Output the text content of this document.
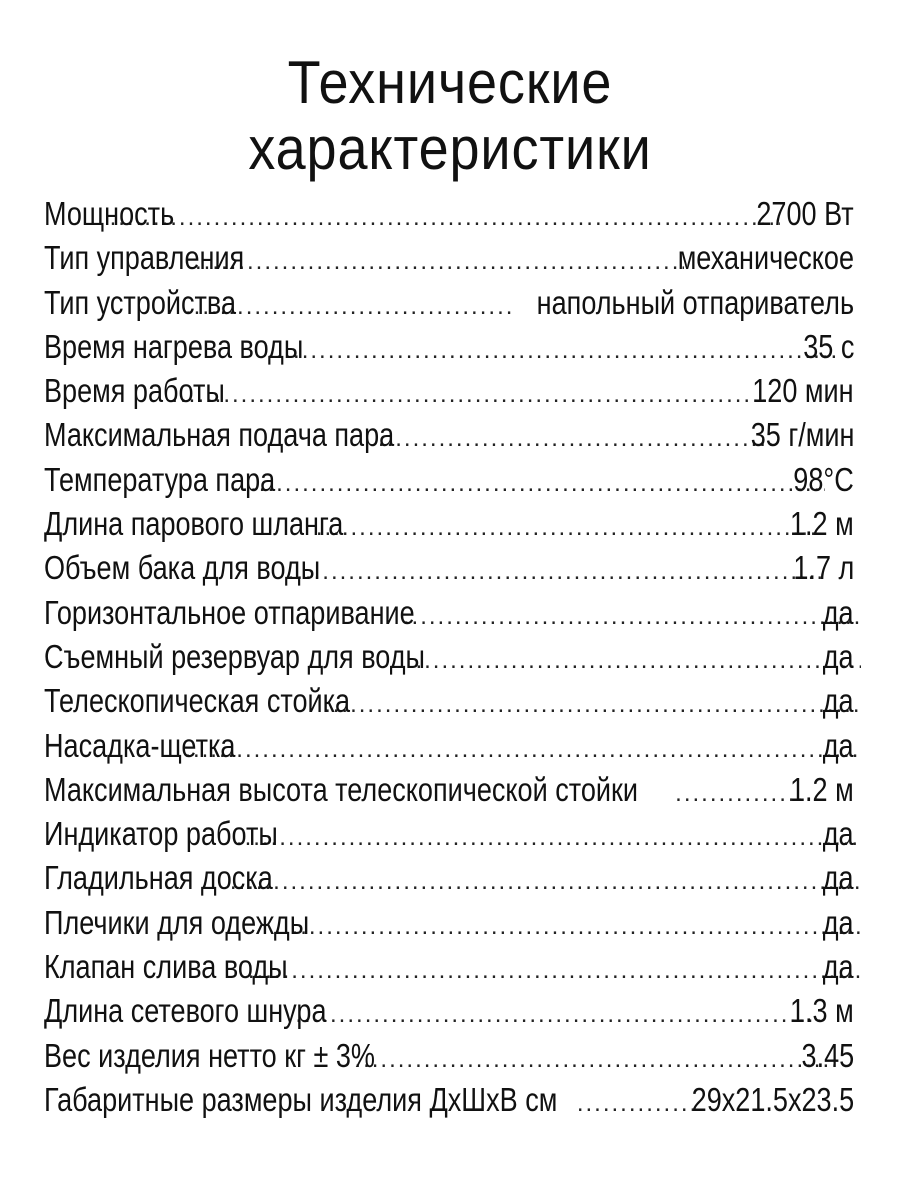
Технические
характеристики
Мощность .....	2700 Вт
Тип управления .....	механическое
Тип устройства .....	напольный отпариватель
Время нагрева воды .....	35 с
Время работы .....	120 мин
Максимальная подача пара .....	35 г/мин
Температура пара .....	98°С
Длина парового шланга .....	1.2 м
Объем бака для воды .....	1.7 л
Горизонтальное отпаривание .....	да
Съемный резервуар для воды .....	да
Телескопическая стойка .....	да
Насадка-щетка .....	да
Максимальная высота телескопической стойки .....	1.2 м
Индикатор работы .....	да
Гладильная доска .....	да
Плечики для одежды .....	да
Клапан слива воды .....	да
Длина сетевого шнура .....	1.3 м
Вес изделия нетто кг ± 3% .....	3.45
Габаритные размеры изделия ДхШхВ см .....	29х21.5х23.5
